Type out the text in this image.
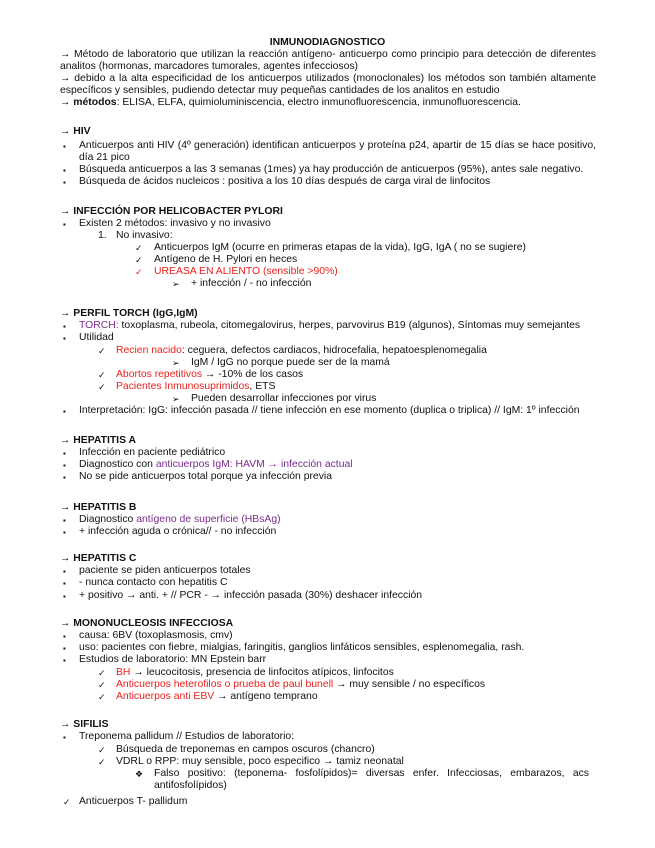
INMUNODIAGNOSTICO
→ Método de laboratorio que utilizan la reacción antígeno- anticuerpo como principio para detección de diferentes
analitos (hormonas, marcadores tumorales, agentes infecciosos)
→ debido a la alta especificidad de los anticuerpos utilizados (monoclonales) los métodos son también altamente
específicos y sensibles, pudiendo detectar muy pequeñas cantidades de los analitos en estudio
→ métodos: ELISA, ELFA, quimioluminiscencia, electro inmunofluorescencia, inmunofluorescencia.
→ HIV
▪ Anticuerpos anti HIV (4º generación) identifican anticuerpos y proteína p24, apartir de 15 días se hace positivo,
día 21 pico
▪ Búsqueda anticuerpos a las 3 semanas (1mes) ya hay producción de anticuerpos (95%), antes sale negativo.
▪ Búsqueda de ácidos nucleicos : positiva a los 10 días después de carga viral de linfocitos
→ INFECCIÓN POR HELICOBACTER PYLORI
▪ Existen 2 métodos: invasivo y no invasivo
1. No invasivo:
✓ Anticuerpos IgM (ocurre en primeras etapas de la vida), IgG, IgA ( no se sugiere)
✓ Antígeno de H. Pylori en heces
✓ UREASA EN ALIENTO (sensible >90%)
➢ + infección / - no infección
→ PERFIL TORCH (IgG,IgM)
▪ TORCH: toxoplasma, rubeola, citomegalovirus, herpes, parvovirus B19 (algunos), Síntomas muy semejantes
▪ Utilidad
✓ Recien nacido: ceguera, defectos cardiacos, hidrocefalia, hepatoesplenomegalia
➢ IgM / IgG no porque puede ser de la mamá
✓ Abortos repetitivos → -10% de los casos
✓ Pacientes Inmunosuprimidos, ETS
➢ Pueden desarrollar infecciones por virus
▪ Interpretación: IgG: infección pasada // tiene infección en ese momento (duplica o triplica) // IgM: 1º infección
→ HEPATITIS A
▪ Infección en paciente pediátrico
▪ Diagnostico con anticuerpos IgM: HAVM → infección actual
▪ No se pide anticuerpos total porque ya infección previa
→ HEPATITIS B
▪ Diagnostico antígeno de superficie (HBsAg)
▪ + infección aguda o crónica// - no infección
→ HEPATITIS C
▪ paciente se piden anticuerpos totales
▪ - nunca contacto con hepatitis C
▪ + positivo → anti. + // PCR - → infección pasada (30%) deshacer infección
→ MONONUCLEOSIS INFECCIOSA
▪ causa: 6BV (toxoplasmosis, cmv)
▪ uso: pacientes con fiebre, mialgias, faringitis, ganglios linfáticos sensibles, esplenomegalia, rash.
▪ Estudios de laboratorio: MN Epstein barr
✓ BH → leucocitosis, presencia de linfocitos atípicos, linfocitos
✓ Anticuerpos heterofilos o prueba de paul bunell → muy sensible / no específicos
✓ Anticuerpos anti EBV → antígeno temprano
→ SIFILIS
▪ Treponema pallidum // Estudios de laboratorio:
✓ Búsqueda de treponemas en campos oscuros (chancro)
✓ VDRL o RPP: muy sensible, poco especifico → tamiz neonatal
❖ Falso positivo: (teponema- fosfolípidos)= diversas enfer. Infecciosas, embarazos, acs
antifosfolípidos)
✓ Anticuerpos T- pallidum
